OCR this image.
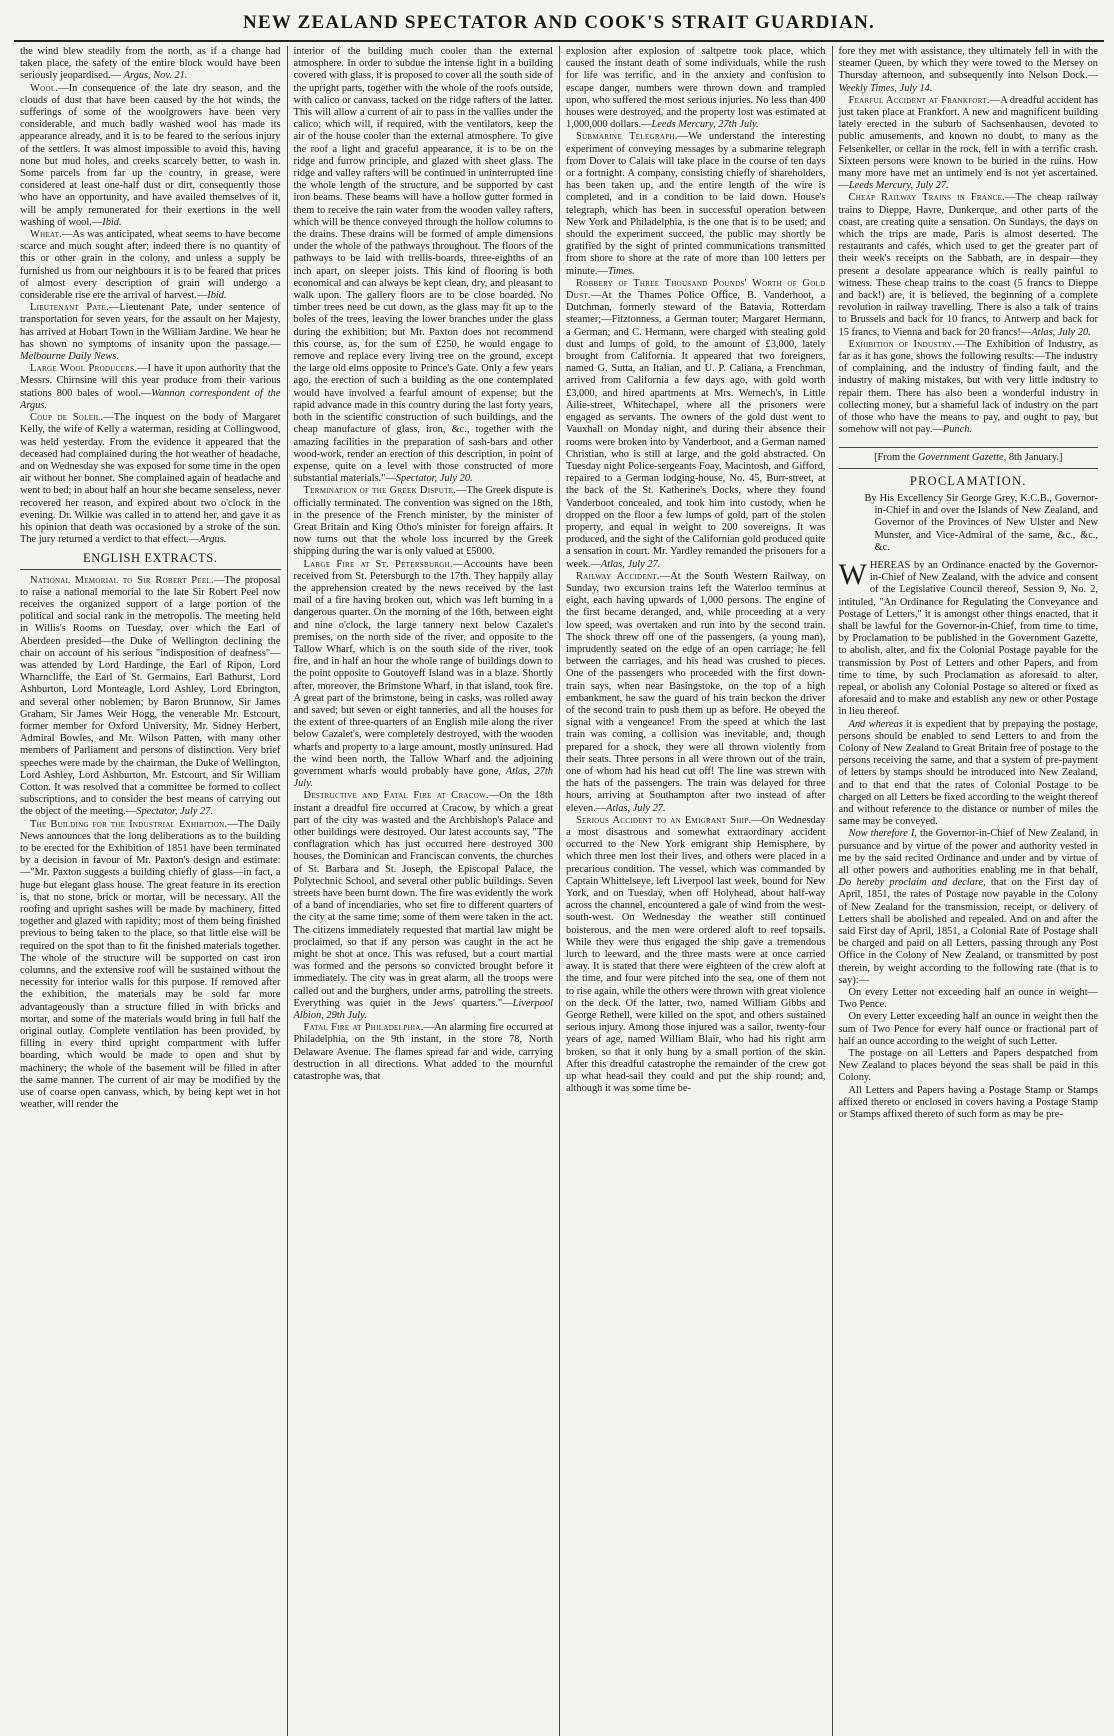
NEW ZEALAND SPECTATOR AND COOK'S STRAIT GUARDIAN.

the wind blew steadily from the north, as if a change had taken place, the safety of the entire block would have been seriously jeopardised.— Argus, Nov. 21.

Wool.—In consequence of the late dry season, and the clouds of dust that have been caused by the hot winds, the sufferings of some of the woolgrowers have been very considerable, and much badly washed wool has made its appearance already, and it is to be feared to the serious injury of the settlers. It was almost impossible to avoid this, having none but mud holes, and creeks scarcely better, to wash in. Some parcels from far up the country, in grease, were considered at least one-half dust or dirt, consequently those who have an opportunity, and have availed themselves of it, will be amply remunerated for their exertions in the well washing of wool.—Ibid.

Wheat.—As was anticipated, wheat seems to have become scarce and much sought after; indeed there is no quantity of this or other grain in the colony, and unless a supply be furnished us from our neighbours it is to be feared that prices of almost every description of grain will undergo a considerable rise ere the arrival of harvest.—Ibid.

Lieutenant Pate.—Lieutenant Pate, under sentence of transportation for seven years, for the assault on her Majesty, has arrived at Hobart Town in the William Jardine. We hear he has shown no symptoms of insanity upon the passage.—Melbourne Daily News.

Large Wool Producers.—I have it upon authority that the Messrs. Chirnsine will this year produce from their various stations 800 bales of wool.—Wannon correspondent of the Argus.

Coup de Soleil.—The inquest on the body of Margaret Kelly, the wife of Kelly a waterman, residing at Collingwood, was held yesterday. From the evidence it appeared that the deceased had complained during the hot weather of headache, and on Wednesday she was exposed for some time in the open air without her bonnet. She complained again of headache and went to bed; in about half an hour she became senseless, never recovered her reason, and expired about two o'clock in the evening. Dr. Wilkie was called in to attend her, and gave it as his opinion that death was occasioned by a stroke of the sun. The jury returned a verdict to that effect.—Argus.

ENGLISH EXTRACTS.

National Memorial to Sir Robert Peel.—The proposal to raise a national memorial to the late Sir Robert Peel now receives the organized support of a large portion of the political and social rank in the metropolis. The meeting held in Willis's Rooms on Tuesday, over which the Earl of Aberdeen presided—the Duke of Wellington declining the chair on account of his serious "indisposition of deafness"—was attended by Lord Hardinge, the Earl of Ripon, Lord Wharncliffe, the Earl of St. Germains, Earl Bathurst, Lord Ashburton, Lord Monteagle, Lord Ashley, Lord Ebrington, and several other noblemen; by Baron Brunnow, Sir James Graham, Sir James Weir Hogg, the venerable Mr. Estcourt, former member for Oxford University, Mr. Sidney Herbert, Admiral Bowles, and Mr. Wilson Patten, with many other members of Parliament and persons of distinction. Very brief speeches were made by the chairman, the Duke of Wellington, Lord Ashley, Lord Ashburton, Mr. Estcourt, and Sir William Cotton. It was resolved that a committee be formed to collect subscriptions, and to consider the best means of carrying out the object of the meeting.—Spectator, July 27.

The Building for the Industrial Exhibition.—The Daily News announces that the long deliberations as to the building to be erected for the Exhibition of 1851 have been terminated by a decision in favour of Mr. Paxton's design and estimate:—"Mr. Paxton suggests a building chiefly of glass—in fact, a huge but elegant glass house. The great feature in its erection is, that no stone, brick or mortar, will be necessary. All the roofing and upright sashes will be made by machinery, fitted together and glazed with rapidity; most of them being finished previous to being taken to the place, so that little else will be required on the spot than to fit the finished materials together. The whole of the structure will be supported on cast iron columns, and the extensive roof will be sustained without the necessity for interior walls for this purpose. If removed after the exhibition, the materials may be sold far more advantageously than a structure filled in with bricks and mortar, and some of the materials would bring in full half the original outlay. Complete ventilation has been provided, by filling in every third upright compartment with luffer boarding, which would be made to open and shut by machinery; the whole of the basement will be filled in after the same manner. The current of air may be modified by the use of coarse open canvass, which, by being kept wet in hot weather, will render the

interior of the building much cooler than the external atmosphere. In order to subdue the intense light in a building covered with glass, it is proposed to cover all the south side of the upright parts, together with the whole of the roofs outside, with calico or canvass, tacked on the ridge rafters of the latter. This will allow a current of air to pass in the vallies under the calico; which will, if required, with the ventilators, keep the air of the house cooler than the external atmosphere. To give the roof a light and graceful appearance, it is to be on the ridge and furrow principle, and glazed with sheet glass. The ridge and valley rafters will be continued in uninterrupted line the whole length of the structure, and be supported by cast iron beams. These beams will have a hollow gutter formed in them to receive the rain water from the wooden valley rafters, which will be thence conveyed through the hollow columns to the drains. These drains will be formed of ample dimensions under the whole of the pathways throughout. The floors of the pathways to be laid with trellis-boards, three-eighths of an inch apart, on sleeper joists. This kind of flooring is both economical and can always be kept clean, dry, and pleasant to walk upon. The gallery floors are to be close boarded. No timber trees need be cut down, as the glass may fit up to the boles of the trees, leaving the lower branches under the glass during the exhibition; but Mr. Paxton does not recommend this course, as, for the sum of £250, he would engage to remove and replace every living tree on the ground, except the large old elms opposite to Prince's Gate. Only a few years ago, the erection of such a building as the one contemplated would have involved a fearful amount of expense; but the rapid advance made in this country during the last forty years, both in the scientific construction of such buildings, and the cheap manufacture of glass, iron, &c., together with the amazing facilities in the preparation of sash-bars and other wood-work, render an erection of this description, in point of expense, quite on a level with those constructed of more substantial materials."—Spectator, July 20.

Termination of the Greek Dispute.—The Greek dispute is officially terminated. The convention was signed on the 18th, in the presence of the French minister, by the minister of Great Britain and King Otho's minister for foreign affairs. It now turns out that the whole loss incurred by the Greek shipping during the war is only valued at £5000.

Large Fire at St. Petersburgh.—Accounts have been received from St. Petersburgh to the 17th. They happily allay the apprehension created by the news received by the last mail of a fire having broken out, which was left burning in a dangerous quarter. On the morning of the 16th, between eight and nine o'clock, the large tannery next below Cazalet's premises, on the north side of the river, and opposite to the Tallow Wharf, which is on the south side of the river, took fire, and in half an hour the whole range of buildings down to the point opposite to Goutoyeff Island was in a blaze. Shortly after, moreover, the Brimstone Wharf, in that island, took fire. A great part of the brimstone, being in casks, was rolled away and saved; but seven or eight tanneries, and all the houses for the extent of three-quarters of an English mile along the river below Cazalet's, were completely destroyed, with the wooden wharfs and property to a large amount, mostly uninsured. Had the wind been north, the Tallow Wharf and the adjoining government wharfs would probably have gone, Atlas, 27th July.

Destructive and Fatal Fire at Cracow.—On the 18th instant a dreadful fire occurred at Cracow, by which a great part of the city was wasted and the Archbishop's Palace and other buildings were destroyed. Our latest accounts say, "The conflagration which has just occurred here destroyed 300 houses, the Dominican and Franciscan convents, the churches of St. Barbara and St. Joseph, the Episcopal Palace, the Polytechnic School, and several other public buildings. Seven streets have been burnt down. The fire was evidently the work of a band of incendiaries, who set fire to different quarters of the city at the same time; some of them were taken in the act. The citizens immediately requested that martial law might be proclaimed, so that if any person was caught in the act he might be shot at once. This was refused, but a court martial was formed and the persons so convicted brought before it immediately. The city was in great alarm, all the troops were called out and the burghers, under arms, patrolling the streets. Everything was quiet in the Jews' quarters."—Liverpool Albion, 29th July.

Fatal Fire at Philadelphia.—An alarming fire occurred at Philadelphia, on the 9th instant, in the store 78, North Delaware Avenue. The flames spread far and wide, carrying destruction in all directions. What added to the mournful catastrophe was, that

explosion after explosion of saltpetre took place, which caused the instant death of some individuals, while the rush for life was terrific, and in the anxiety and confusion to escape danger, numbers were thrown down and trampled upon, who suffered the most serious injuries. No less than 400 houses were destroyed, and the property lost was estimated at 1,000,000 dollars.—Leeds Mercury, 27th July.

Submarine Telegraph.—We understand the interesting experiment of conveying messages by a submarine telegraph from Dover to Calais will take place in the course of ten days or a fortnight. A company, consisting chiefly of shareholders, has been taken up, and the entire length of the wire is completed, and in a condition to be laid down. House's telegraph, which has been in successful operation between New York and Philadelphia, is the one that is to be used; and should the experiment succeed, the public may shortly be gratified by the sight of printed communications transmitted from shore to shore at the rate of more than 100 letters per minute.—Times.

Robbery of Three Thousand Pounds' Worth of Gold Dust.—At the Thames Police Office, B. Vanderhoot, a Dutchman, formerly steward of the Batavia, Rotterdam steamer;—Fitztonness, a German touter; Margaret Hermann, a German; and C. Hermann, were charged with stealing gold dust and lumps of gold, to the amount of £3,000, lately brought from California. It appeared that two foreigners, named G. Sutta, an Italian, and U. P. Caliana, a Frenchman, arrived from California a few days ago, with gold worth £3,000, and hired apartments at Mrs. Wernech's, in Little Ailie-street, Whitechapel, where all the prisoners were engaged as servants. The owners of the gold dust went to Vauxhall on Monday night, and during their absence their rooms were broken into by Vanderboot, and a German named Christian, who is still at large, and the gold abstracted. On Tuesday night Police-sergeants Foay, Macintosh, and Gifford, repaired to a German lodging-house, No. 45, Burr-street, at the back of the St. Katherine's Docks, where they found Vanderboot concealed, and took him into custody, when he dropped on the floor a few lumps of gold, part of the stolen property, and equal in weight to 200 sovereigns. It was produced, and the sight of the Californian gold produced quite a sensation in court. Mr. Yardley remanded the prisoners for a week.—Atlas, July 27.

Railway Accident.—At the South Western Railway, on Sunday, two excursion trains left the Waterloo terminus at eight, each having upwards of 1,000 persons. The engine of the first became deranged, and, while proceeding at a very low speed, was overtaken and run into by the second train. The shock threw off one of the passengers, (a young man), imprudently seated on the edge of an open carriage; he fell between the carriages, and his head was crushed to pieces. One of the passengers who proceeded with the first down-train says, when near Basingstoke, on the top of a high embankment, he saw the guard of his train beckon the driver of the second train to push them up as before. He obeyed the signal with a vengeance! From the speed at which the last train was coming, a collision was inevitable, and, though prepared for a shock, they were all thrown violently from their seats. Three persons in all were thrown out of the train, one of whom had his head cut off! The line was strewn with the hats of the passengers. The train was delayed for three hours, arriving at Southampton after two instead of after eleven.—Atlas, July 27.

Serious Accident to an Emigrant Ship.—On Wednesday a most disastrous and somewhat extraordinary accident occurred to the New York emigrant ship Hemisphere, by which three men lost their lives, and others were placed in a precarious condition. The vessel, which was commanded by Captain Whittelseye, left Liverpool last week, bound for New York, and on Tuesday, when off Holyhead, about half-way across the channel, encountered a gale of wind from the west-south-west. On Wednesday the weather still continued boisterous, and the men were ordered aloft to reef topsails. While they were thus engaged the ship gave a tremendous lurch to leeward, and the three masts were at once carried away. It is stated that there were eighteen of the crew aloft at the time, and four were pitched into the sea, one of them not to rise again, while the others were thrown with great violence on the deck. Of the latter, two, named William Gibbs and George Rethell, were killed on the spot, and others sustained serious injury. Among those injured was a sailor, twenty-four years of age, named William Blair, who had his right arm broken, so that it only hung by a small portion of the skin. After this dreadful catastrophe the remainder of the crew got up what head-sail they could and put the ship round; and, although it was some time be-

fore they met with assistance, they ultimately fell in with the steamer Queen, by which they were towed to the Mersey on Thursday afternoon, and subsequently into Nelson Dock.—Weekly Times, July 14.

Fearful Accident at Frankfort.—A dreadful accident has just taken place at Frankfort. A new and magnificent building lately erected in the suburb of Sachsenhausen, devoted to public amusements, and known no doubt, to many as the Felsenkeller, or cellar in the rock, fell in with a terrific crash. Sixteen persons were known to be buried in the ruins. How many more have met an untimely end is not yet ascertained.—Leeds Mercury, July 27.

Cheap Railway Trains in France.—The cheap railway trains to Dieppe, Havre, Dunkerque, and other parts of the coast, are creating quite a sensation. On Sundays, the days on which the trips are made, Paris is almost deserted. The restaurants and cafés, which used to get the greater part of their week's receipts on the Sabbath, are in despair—they present a desolate appearance which is really painful to witness. These cheap trains to the coast (5 francs to Dieppe and back!) are, it is believed, the beginning of a complete revolution in railway travelling. There is also a talk of trains to Brussels and back for 10 francs, to Antwerp and back for 15 francs, to Vienna and back for 20 francs!—Atlas, July 20.

Exhibition of Industry.—The Exhibition of Industry, as far as it has gone, shows the following results:—The industry of complaining, and the industry of finding fault, and the industry of making mistakes, but with very little industry to repair them. There has also been a wonderful industry in collecting money, but a shameful lack of industry on the part of those who have the means to pay, and ought to pay, but somehow will not pay.—Punch.

[From the Government Gazette, 8th January.]
PROCLAMATION.

By His Excellency Sir George Grey, K.C.B., Governor-in-Chief in and over the Islands of New Zealand, and Governor of the Provinces of New Ulster and New Munster, and Vice-Admiral of the same, &c., &c., &c.

WHEREAS by an Ordinance enacted by the Governor-in-Chief of New Zealand, with the advice and consent of the Legislative Council thereof, Session 9, No. 2, intituled, "An Ordinance for Regulating the Conveyance and Postage of Letters," it is amongst other things enacted, that it shall be lawful for the Governor-in-Chief, from time to time, by Proclamation to be published in the Government Gazette, to abolish, alter, and fix the Colonial Postage payable for the transmission by Post of Letters and other Papers, and from time to time, by such Proclamation as aforesaid to alter, repeal, or abolish any Colonial Postage so altered or fixed as aforesaid and to make and establish any new or other Postage in lieu thereof.

And whereas it is expedient that by prepaying the postage, persons should be enabled to send Letters to and from the Colony of New Zealand to Great Britain free of postage to the persons receiving the same, and that a system of pre-payment of letters by stamps should be introduced into New Zealand, and to that end that the rates of Colonial Postage to be charged on all Letters be fixed according to the weight thereof and without reference to the distance or number of miles the same may be conveyed.

Now therefore I, the Governor-in-Chief of New Zealand, in pursuance and by virtue of the power and authority vested in me by the said recited Ordinance and under and by virtue of all other powers and authorities enabling me in that behalf, Do hereby proclaim and declare, that on the First day of April, 1851, the rates of Postage now payable in the Colony of New Zealand for the transmission, receipt, or delivery of Letters shall be abolished and repealed. And on and after the said First day of April, 1851, a Colonial Rate of Postage shall be charged and paid on all Letters, passing through any Post Office in the Colony of New Zealand, or transmitted by post therein, by weight according to the following rate (that is to say):—

On every Letter not exceeding half an ounce in weight—Two Pence.

On every Letter exceeding half an ounce in weight then the sum of Two Pence for every half ounce or fractional part of half an ounce according to the weight of such Letter.

The postage on all Letters and Papers despatched from New Zealand to places beyond the seas shall be paid in this Colony.

All Letters and Papers having a Postage Stamp or Stamps affixed thereto or enclosed in covers having a Postage Stamp or Stamps affixed thereto of such form as may be pre-
